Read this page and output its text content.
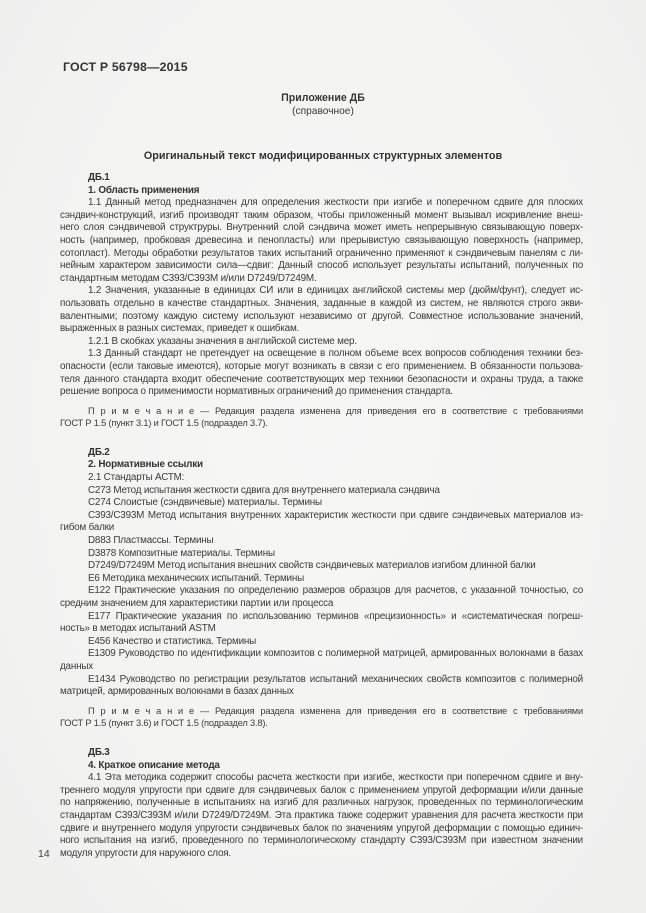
ГОСТ Р 56798—2015
Приложение ДБ
(справочное)
Оригинальный текст модифицированных структурных элементов
ДБ.1
1. Область применения
1.1 Данный метод предназначен для определения жесткости при изгибе и поперечном сдвиге для плоских
сэндвич-конструкций, изгиб производят таким образом, чтобы приложенный момент вызывал искривление внеш-
него слоя сэндвичевой структруры. Внутренний слой сэндвича может иметь непрерывную связывающую поверх-
ность (например, пробковая древесина и пенопласты) или прерывистую связывающую поверхность (например,
сотопласт). Методы обработки результатов таких испытаний ограниченно применяют к сэндвичевым панелям с ли-
нейным характером зависимости сила—сдвиг: Данный способ использует результаты испытаний, полученных по
стандартным методам C393/C393M и/или D7249/D7249M.
1.2 Значения, указанные в единицах СИ или в единицах английской системы мер (дюйм/фунт), следует ис-
пользовать отдельно в качестве стандартных. Значения, заданные в каждой из систем, не являются строго экви-
валентными; поэтому каждую систему используют независимо от другой. Совместное использование значений,
выраженных в разных системах, приведет к ошибкам.
1.2.1 В скобках указаны значения в английской системе мер.
1.3 Данный стандарт не претендует на освещение в полном объеме всех вопросов соблюдения техники без-
опасности (если таковые имеются), которые могут возникать в связи с его применением. В обязанности пользова-
теля данного стандарта входит обеспечение соответствующих мер техники безопасности и охраны труда, а также
решение вопроса о применимости нормативных ограничений до применения стандарта.
П р и м е ч а н и е — Редакция раздела изменена для приведения его в соответствие с требованиями
ГОСТ Р 1.5 (пункт 3.1) и ГОСТ 1.5 (подраздел 3.7).
ДБ.2
2. Нормативные ссылки
2.1 Стандарты АСТМ:
C273 Метод испытания жесткости сдвига для внутреннего материала сэндвича
C274 Слоистые (сэндвичевые) материалы. Термины
C393/C393M Метод испытания внутренних характеристик жесткости при сдвиге сэндвичевых материалов из-
гибом балки
D883 Пластмассы. Термины
D3878 Композитные материалы. Термины
D7249/D7249M Метод испытания внешних свойств сэндвичевых материалов изгибом длинной балки
E6 Методика механических испытаний. Термины
E122 Практические указания по определению размеров образцов для расчетов, с указанной точностью, со
средним значением для характеристики партии или процесса
E177 Практические указания по использованию терминов «прецизионность» и «систематическая погреш-
ность» в методах испытаний ASTM
E456 Качество и статистика. Термины
E1309 Руководство по идентификации композитов с полимерной матрицей, армированных волокнами в базах
данных
E1434 Руководство по регистрации результатов испытаний механических свойств композитов с полимерной
матрицей, армированных волокнами в базах данных
П р и м е ч а н и е — Редакция раздела изменена для приведения его в соответствие с требованиями
ГОСТ Р 1.5 (пункт 3.6) и ГОСТ 1.5 (подраздел 3.8).
ДБ.3
4. Краткое описание метода
4.1 Эта методика содержит способы расчета жесткости при изгибе, жесткости при поперечном сдвиге и вну-
треннего модуля упругости при сдвиге для сэндвичевых балок с применением упругой деформации и/или данные
по напряжению, полученные в испытаниях на изгиб для различных нагрузок, проведенных по терминологическим
стандартам C393/C393M и/или D7249/D7249M. Эта практика также содержит уравнения для расчета жесткости при
сдвиге и внутреннего модуля упругости сэндвичевых балок по значениям упругой деформации с помощью единич-
ного испытания на изгиб, проведенного по терминологическому стандарту C393/C393M при известном значении
модуля упругости для наружного слоя.
14
